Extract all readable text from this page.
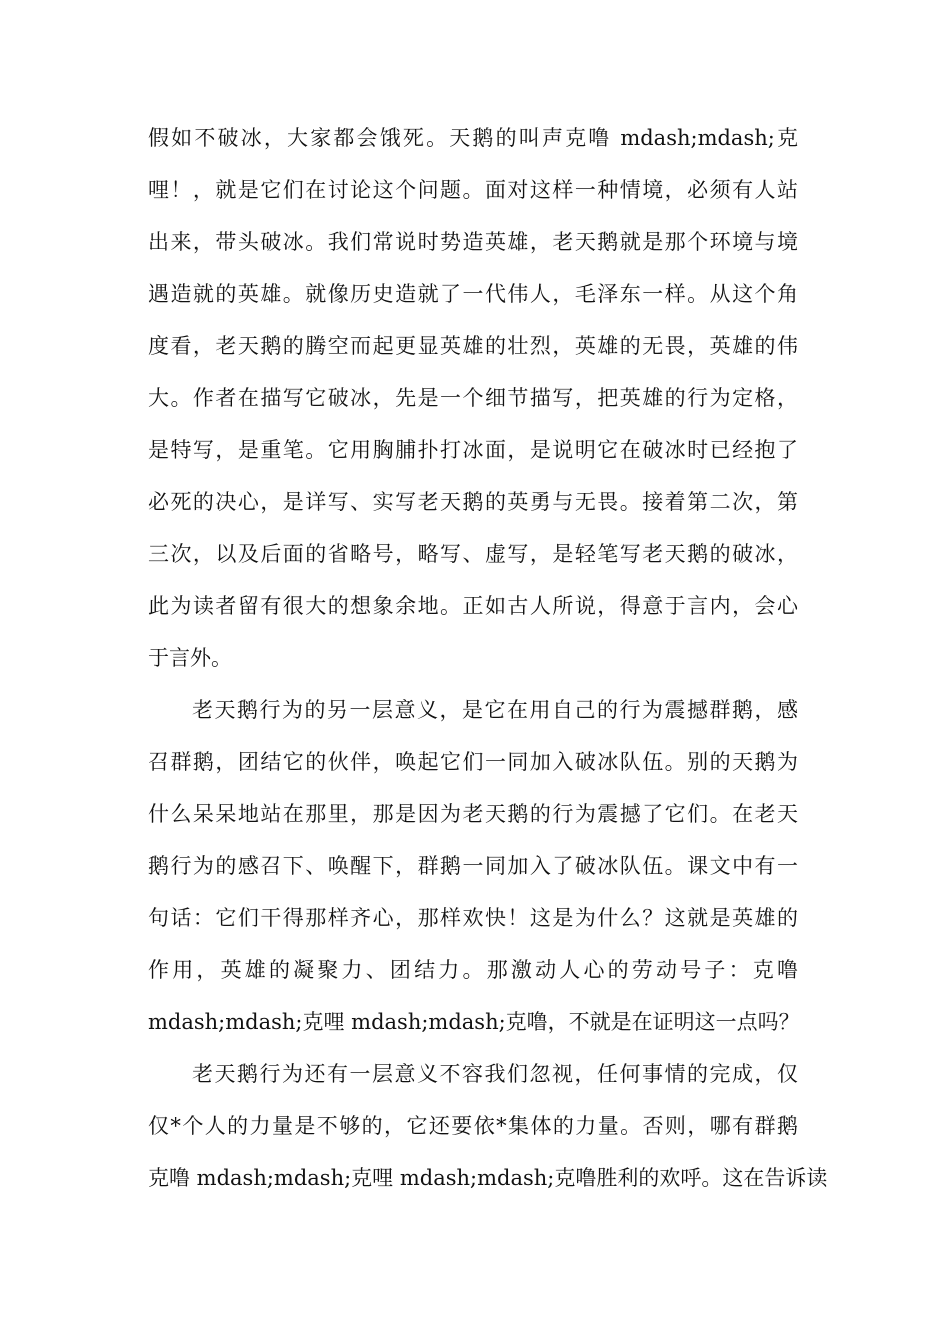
假如不破冰，大家都会饿死。天鹅的叫声克噜 mdash;mdash;克
哩！，就是它们在讨论这个问题。面对这样一种情境，必须有人站
出来，带头破冰。我们常说时势造英雄，老天鹅就是那个环境与境
遇造就的英雄。就像历史造就了一代伟人，毛泽东一样。从这个角
度看，老天鹅的腾空而起更显英雄的壮烈，英雄的无畏，英雄的伟
大。作者在描写它破冰，先是一个细节描写，把英雄的行为定格，
是特写，是重笔。它用胸脯扑打冰面，是说明它在破冰时已经抱了
必死的决心，是详写、实写老天鹅的英勇与无畏。接着第二次，第
三次，以及后面的省略号，略写、虚写，是轻笔写老天鹅的破冰，
此为读者留有很大的想象余地。正如古人所说，得意于言内，会心
于言外。
老天鹅行为的另一层意义，是它在用自己的行为震撼群鹅，感
召群鹅，团结它的伙伴，唤起它们一同加入破冰队伍。别的天鹅为
什么呆呆地站在那里，那是因为老天鹅的行为震撼了它们。在老天
鹅行为的感召下、唤醒下，群鹅一同加入了破冰队伍。课文中有一
句话：它们干得那样齐心，那样欢快！这是为什么？这就是英雄的
作用，英雄的凝聚力、团结力。那激动人心的劳动号子：克噜
mdash;mdash;克哩 mdash;mdash;克噜，不就是在证明这一点吗？
老天鹅行为还有一层意义不容我们忽视，任何事情的完成，仅
仅*个人的力量是不够的，它还要依*集体的力量。否则，哪有群鹅
克噜 mdash;mdash;克哩 mdash;mdash;克噜胜利的欢呼。这在告诉读
